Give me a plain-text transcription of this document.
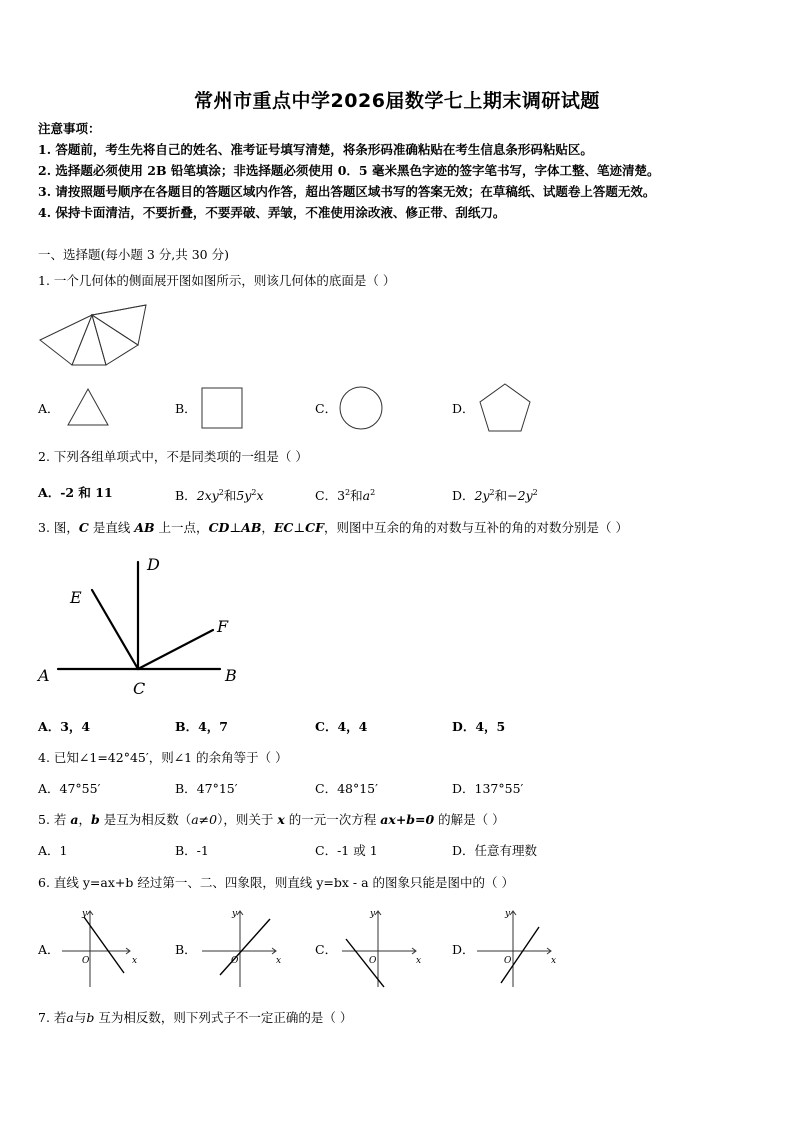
常州市重点中学2026届数学七上期末调研试题
注意事项：
1. 答题前，考生先将自己的姓名、准考证号填写清楚，将条形码准确粘贴在考生信息条形码粘贴区。
2. 选择题必须使用 2B 铅笔填涂；非选择题必须使用 0．5 毫米黑色字迹的签字笔书写，字体工整、笔迹清楚。
3. 请按照题号顺序在各题目的答题区域内作答，超出答题区域书写的答案无效；在草稿纸、试题卷上答题无效。
4. 保持卡面清洁，不要折叠，不要弄破、弄皱，不准使用涂改液、修正带、刮纸刀。
一、选择题(每小题 3 分,共 30 分)
1. 一个几何体的侧面展开图如图所示，则该几何体的底面是（ ）
A．	B．	C．	D．
2. 下列各组单项式中，不是同类项的一组是（ ）
A．-2 和 11	B．$2xy^2$和$5y^2x$	C．$3^2$和$a^2$	D．$2y^2$和$-2y^2$
3. 图，C 是直线 AB 上一点，CD⊥AB，EC⊥CF，则图中互余的角的对数与互补的角的对数分别是（ ）
D
E
F
A	B
C
A．3，4	B．4，7	C．4，4	D．4，5
4. 已知∠1=42°45′，则∠1 的余角等于（ ）
A．47°55′	B．47°15′	C．48°15′	D．137°55′
5. 若 a，b 是互为相反数（a≠0），则关于 x 的一元一次方程 ax+b=0 的解是（ ）
A．1	B．-1	C．-1 或 1	D．任意有理数
6. 直线 y=ax+b 经过第一、二、四象限，则直线 y=bx - a 的图象只能是图中的（ ）
A．
x
y
O
B．
x
y
O
C．
x
y
O
D．
x
y
O
7. 若a与b 互为相反数，则下列式子不一定正确的是（ ）
